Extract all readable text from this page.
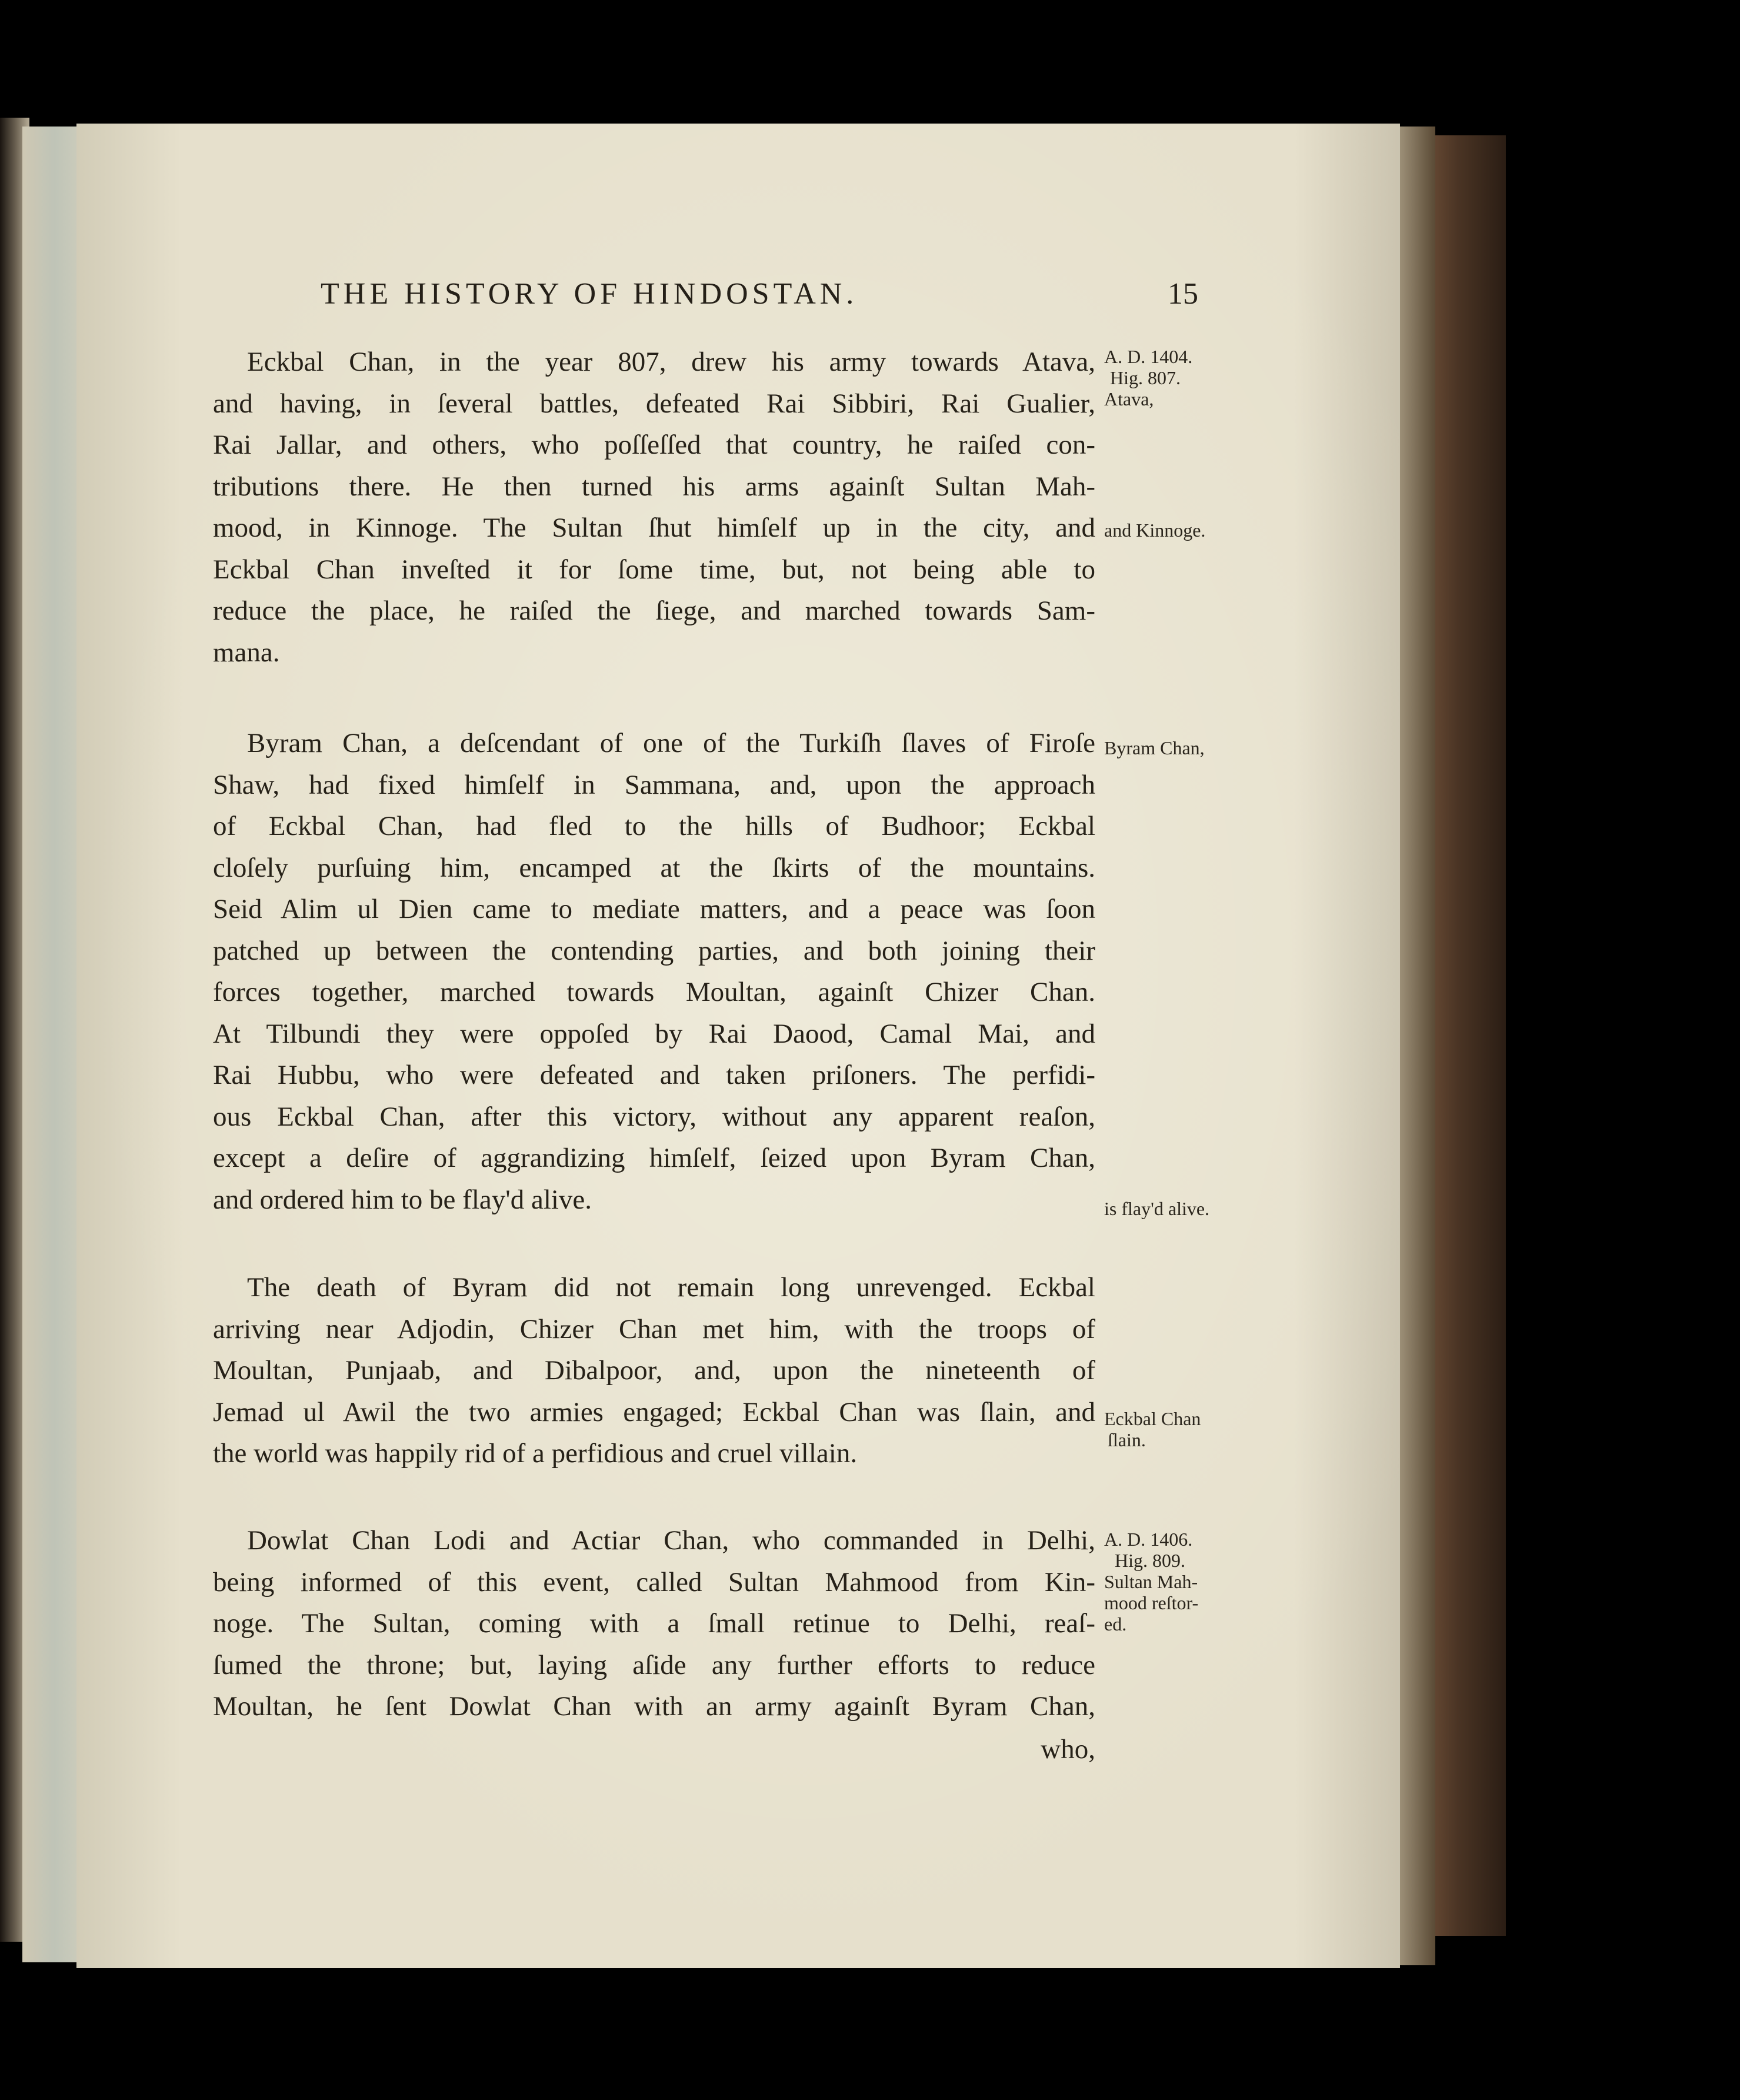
THE HISTORY OF HINDOSTAN.	15

Eckbal Chan, in the year 807, drew his army towards Atava,
and having, in ſeveral battles, defeated Rai Sibbiri, Rai Gualier,
Rai Jallar, and others, who poſſeſſed that country, he raiſed con-
tributions there. He then turned his arms againſt Sultan Mah-
mood, in Kinnoge. The Sultan ſhut himſelf up in the city, and
Eckbal Chan inveſted it for ſome time, but, not being able to
reduce the place, he raiſed the ſiege, and marched towards Sam-
mana.

Byram Chan, a deſcendant of one of the Turkiſh ſlaves of Firoſe
Shaw, had fixed himſelf in Sammana, and, upon the approach
of Eckbal Chan, had fled to the hills of Budhoor; Eckbal
cloſely purſuing him, encamped at the ſkirts of the mountains.
Seid Alim ul Dien came to mediate matters, and a peace was ſoon
patched up between the contending parties, and both joining their
forces together, marched towards Moultan, againſt Chizer Chan.
At Tilbundi they were oppoſed by Rai Daood, Camal Mai, and
Rai Hubbu, who were defeated and taken priſoners. The perfidi-
ous Eckbal Chan, after this victory, without any apparent reaſon,
except a deſire of aggrandizing himſelf, ſeized upon Byram Chan,
and ordered him to be flay'd alive.

The death of Byram did not remain long unrevenged. Eckbal
arriving near Adjodin, Chizer Chan met him, with the troops of
Moultan, Punjaab, and Dibalpoor, and, upon the nineteenth of
Jemad ul Awil the two armies engaged; Eckbal Chan was ſlain, and
the world was happily rid of a perfidious and cruel villain.

Dowlat Chan Lodi and Actiar Chan, who commanded in Delhi,
being informed of this event, called Sultan Mahmood from Kin-
noge. The Sultan, coming with a ſmall retinue to Delhi, reaſ-
ſumed the throne; but, laying aſide any further efforts to reduce
Moultan, he ſent Dowlat Chan with an army againſt Byram Chan,

who,
A. D. 1404.
Hig. 807.
Atava,
and Kinnoge.
Byram Chan,
is flay'd alive.
Eckbal Chan
ſlain.
A. D. 1406.
Hig. 809.
Sultan Mah-
mood reſtor-
ed.
